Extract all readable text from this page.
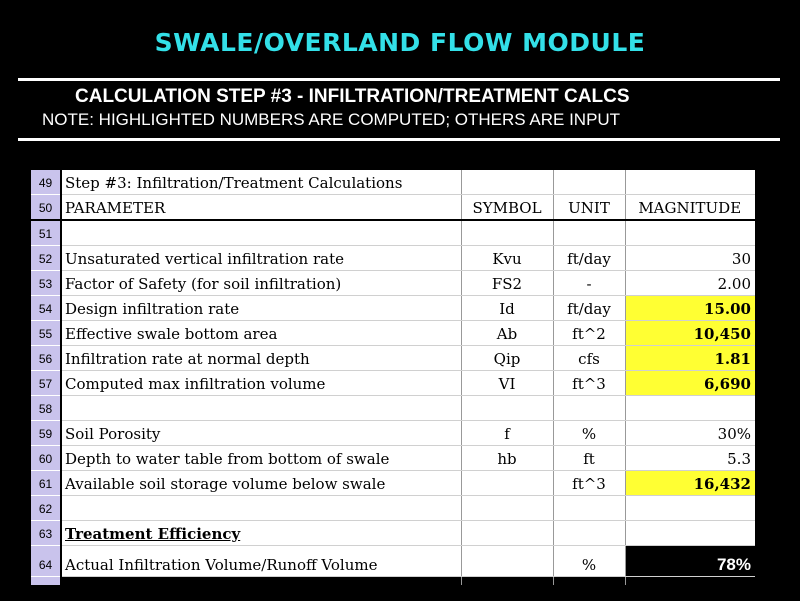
SWALE/OVERLAND FLOW MODULE
CALCULATION STEP #3 - INFILTRATION/TREATMENT CALCS
NOTE: HIGHLIGHTED NUMBERS ARE COMPUTED; OTHERS ARE INPUT
49	Step #3: Infiltration/Treatment Calculations			
50	PARAMETER	SYMBOL	UNIT	MAGNITUDE
51				
52	Unsaturated vertical infiltration rate	Kvu	ft/day	30
53	Factor of Safety (for soil infiltration)	FS2	-	2.00
54	Design infiltration rate	Id	ft/day	15.00
55	Effective swale bottom area	Ab	ft^2	10,450
56	Infiltration rate at normal depth	Qip	cfs	1.81
57	Computed max infiltration volume	VI	ft^3	6,690
58				
59	Soil Porosity	f	%	30%
60	Depth to water table from bottom of swale	hb	ft	5.3
61	Available soil storage volume below swale		ft^3	16,432
62				
63	Treatment Efficiency			
64	Actual Infiltration Volume/Runoff Volume		%	78%
